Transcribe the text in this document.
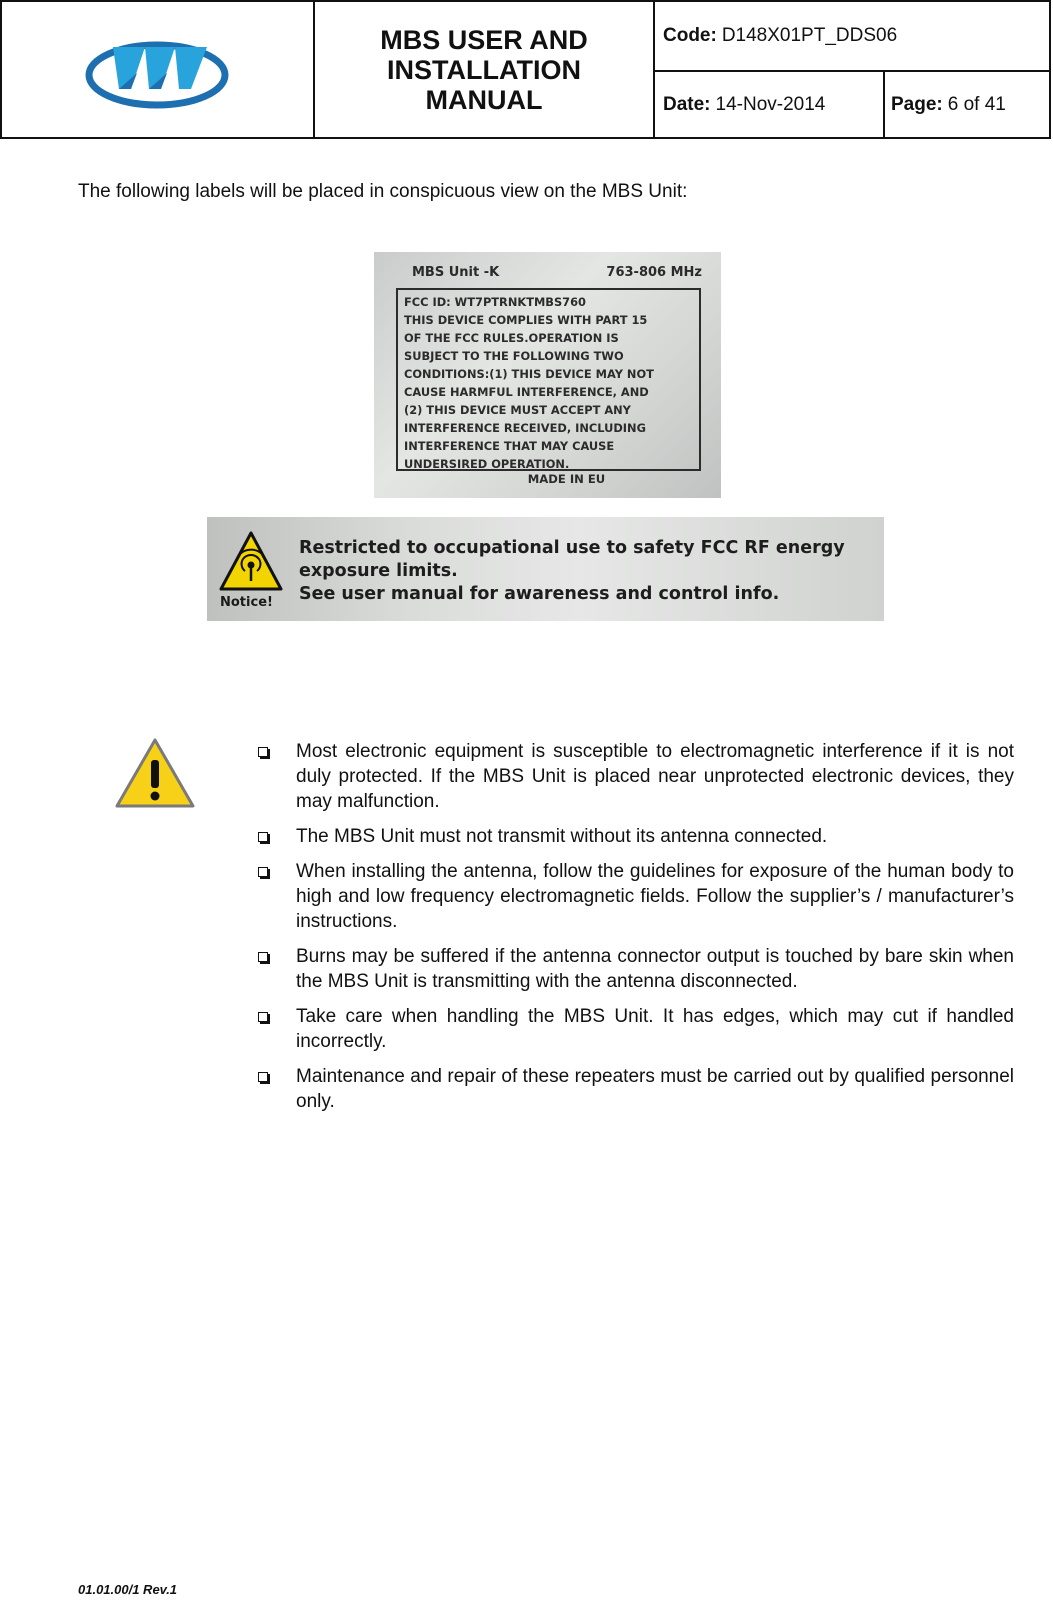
MBS USER AND INSTALLATION MANUAL
Code: D148X01PT_DDS06
Date: 14-Nov-2014	Page: 6 of 41
The following labels will be placed in conspicuous view on the MBS Unit:
MBS Unit -K	763-806 MHz
FCC ID: WT7PTRNKTMBS760
THIS DEVICE COMPLIES WITH PART 15
OF THE FCC RULES.OPERATION IS
SUBJECT TO THE FOLLOWING TWO
CONDITIONS:(1) THIS DEVICE MAY NOT
CAUSE HARMFUL INTERFERENCE, AND
(2) THIS DEVICE MUST ACCEPT ANY
INTERFERENCE RECEIVED, INCLUDING
INTERFERENCE THAT MAY CAUSE
UNDERSIRED OPERATION.
MADE IN EU
Notice!
Restricted to occupational use to safety FCC RF energy
exposure limits.
See user manual for awareness and control info.
Most electronic equipment is susceptible to electromagnetic interference if it is not duly protected. If the MBS Unit is placed near unprotected electronic devices, they may malfunction.
The MBS Unit must not transmit without its antenna connected.
When installing the antenna, follow the guidelines for exposure of the human body to high and low frequency electromagnetic fields. Follow the supplier’s / manufacturer’s instructions.
Burns may be suffered if the antenna connector output is touched by bare skin when the MBS Unit is transmitting with the antenna disconnected.
Take care when handling the MBS Unit. It has edges, which may cut if handled incorrectly.
Maintenance and repair of these repeaters must be carried out by qualified personnel only.
01.01.00/1 Rev.1
